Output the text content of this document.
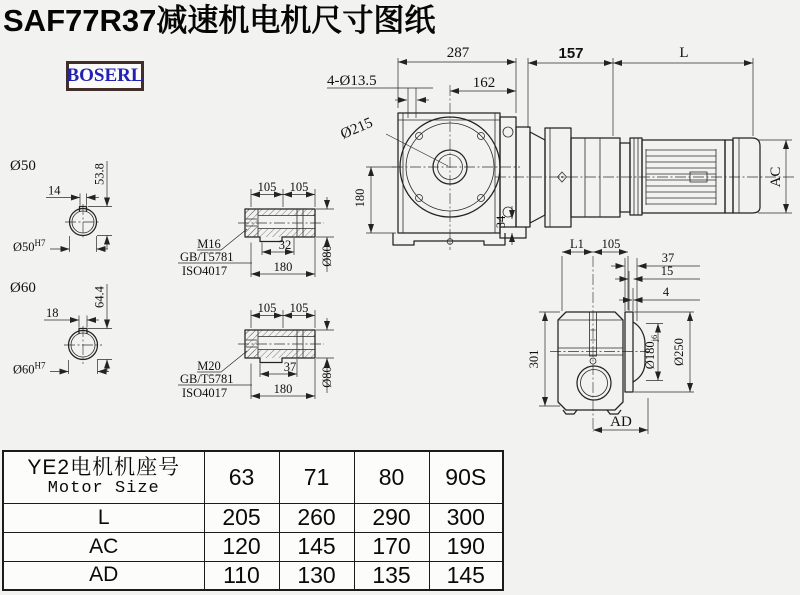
SAF77R37减速机电机尺寸图纸
BOSERL
Ø50
14
53.8
$Ø50^{H7}$
Ø60
18
64.4
$Ø60^{H7}$
105 105
32
180
Ø80
M16
GB/T5781
ISO4017
105 105
37
180
Ø80
M20
GB/T5781
ISO4017
287
162
4-Ø13.5
Ø215
180
34
157	L
AC
L1 105
37
15
4
301	$Ø180_{j6}$ Ø250
AD
YE2电机机座号
Motor Size	63	71	80	90S
L	205	260	290	300
AC	120	145	170	190
AD	110	130	135	145
